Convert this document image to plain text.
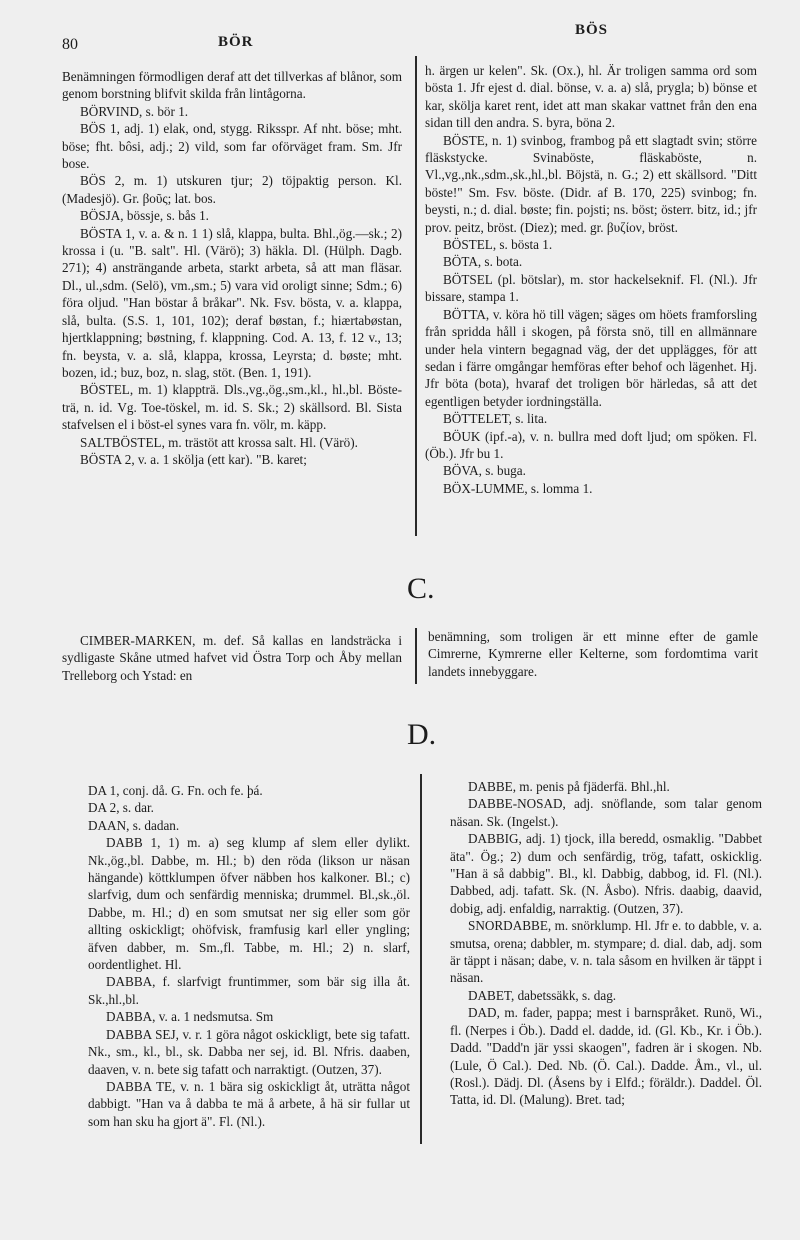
80	BÖR
BÖS

Benämningen förmodligen deraf att det tillverkas af blånor, som genom borstning blifvit skilda från lintågorna.

BÖRVIND, s. bör 1.

BÖS 1, adj. 1) elak, ond, stygg. Riksspr. Af nht. böse; mht. böse; fht. bôsi, adj.; 2) vild, som far oförväget fram. Sm. Jfr bose.

BÖS 2, m. 1) utskuren tjur; 2) töjpaktig person. Kl. (Madesjö). Gr. βοῦς; lat. bos.

BÖSJA, bössje, s. bås 1.

BÖSTA 1, v. a. & n. 1 1) slå, klappa, bulta. Bhl.,ög.—sk.; 2) krossa i (u. "B. salt". Hl. (Värö); 3) häkla. Dl. (Hülph. Dagb. 271); 4) ansträngande arbeta, starkt arbeta, så att man fläsar. Dl., ul.,sdm. (Selö), vm.,sm.; 5) vara vid oroligt sinne; Sdm.; 6) föra oljud. "Han böstar å bråkar". Nk. Fsv. bösta, v. a. klappa, slå, bulta. (S.S. 1, 101, 102); deraf bøstan, f.; hiærtabøstan, hjertklappning; bøstning, f. klappning. Cod. A. 13, f. 12 v., 13; fn. beysta, v. a. slå, klappa, krossa, Leyrsta; d. bøste; mht. bozen, id.; buz, boz, n. slag, stöt. (Ben. 1, 191).

BÖSTEL, m. 1) klappträ. Dls.,vg.,ög.,sm.,kl., hl.,bl. Böste-trä, n. id. Vg. Toe-töskel, m. id. S. Sk.; 2) skällsord. Bl. Sista stafvelsen el i böst-el synes vara fn. völr, m. käpp.

SALTBÖSTEL, m. trästöt att krossa salt. Hl. (Värö).

BÖSTA 2, v. a. 1 skölja (ett kar). "B. karet;

h. ärgen ur kelen". Sk. (Ox.), hl. Är troligen samma ord som bösta 1. Jfr ejest d. dial. bönse, v. a. a) slå, prygla; b) bönse et kar, skölja karet rent, idet att man skakar vattnet från den ena sidan till den andra. S. byra, böna 2.

BÖSTE, n. 1) svinbog, frambog på ett slagtadt svin; större fläskstycke. Svinaböste, fläskaböste, n. Vl.,vg.,nk.,sdm.,sk.,hl.,bl. Böjstä, n. G.; 2) ett skällsord. "Ditt böste!" Sm. Fsv. böste. (Didr. af B. 170, 225) svinbog; fn. beysti, n.; d. dial. bøste; fin. pojsti; ns. böst; österr. bitz, id.; jfr prov. peitz, bröst. (Diez); med. gr. βυζίον, bröst.

BÖSTEL, s. bösta 1.

BÖTA, s. bota.

BÖTSEL (pl. bötslar), m. stor hackelseknif. Fl. (Nl.). Jfr bissare, stampa 1.

BÖTTA, v. köra hö till vägen; säges om höets framforsling från spridda håll i skogen, på första snö, till en allmännare under hela vintern begagnad väg, der det upplägges, för att sedan i färre omgångar hemföras efter behof och lägenhet. Hj. Jfr böta (bota), hvaraf det troligen bör härledas, så att det egentligen betyder iordningställa.

BÖTTELET, s. lita.

BÖUK (ipf.-a), v. n. bullra med doft ljud; om spöken. Fl. (Öb.). Jfr bu 1.

BÖVA, s. buga.

BÖX-LUMME, s. lomma 1.

C.

CIMBER-MARKEN, m. def. Så kallas en landsträcka i sydligaste Skåne utmed hafvet vid Östra Torp och Åby mellan Trelleborg och Ystad: en

benämning, som troligen är ett minne efter de gamle Cimrerne, Kymrerne eller Kelterne, som fordomtima varit landets innebyggare.

D.

DA 1, conj. då. G. Fn. och fe. þá.

DA 2, s. dar.

DAAN, s. dadan.

DABB 1, 1) m. a) seg klump af slem eller dylikt. Nk.,ög.,bl. Dabbe, m. Hl.; b) den röda (likson ur näsan hängande) köttklumpen öfver näbben hos kalkoner. Bl.; c) slarfvig, dum och senfärdig menniska; drummel. Bl.,sk.,öl. Dabbe, m. Hl.; d) en som smutsat ner sig eller som gör allting oskickligt; ohöfvisk, framfusig karl eller yngling; äfven dabber, m. Sm.,fl. Tabbe, m. Hl.; 2) n. slarf, oordentlighet. Hl.

DABBA, f. slarfvigt fruntimmer, som bär sig illa åt. Sk.,hl.,bl.

DABBA, v. a. 1 nedsmutsa. Sm

DABBA SEJ, v. r. 1 göra något oskickligt, bete sig tafatt. Nk., sm., kl., bl., sk. Dabba ner sej, id. Bl. Nfris. daaben, daaven, v. n. bete sig tafatt och narraktigt. (Outzen, 37).

DABBA TE, v. n. 1 bära sig oskickligt åt, uträtta något dabbigt. "Han va å dabba te mä å arbete, å hä sir fullar ut som han sku ha gjort ä". Fl. (Nl.).

DABBE, m. penis på fjäderfä. Bhl.,hl.

DABBE-NOSAD, adj. snöflande, som talar genom näsan. Sk. (Ingelst.).

DABBIG, adj. 1) tjock, illa beredd, osmaklig. "Dabbet äta". Ög.; 2) dum och senfärdig, trög, tafatt, oskicklig. "Han ä så dabbig". Bl., kl. Dabbig, dabbog, id. Fl. (Nl.). Dabbed, adj. tafatt. Sk. (N. Åsbo). Nfris. daabig, daavid, dobig, adj. enfaldig, narraktig. (Outzen, 37).

SNORDABBE, m. snörklump. Hl. Jfr e. to dabble, v. a. smutsa, orena; dabbler, m. stympare; d. dial. dab, adj. som är täppt i näsan; dabe, v. n. tala såsom en hvilken är täppt i näsan.

DABET, dabetssäkk, s. dag.

DAD, m. fader, pappa; mest i barnspråket. Runö, Wi., fl. (Nerpes i Öb.). Dadd el. dadde, id. (Gl. Kb., Kr. i Öb.). Dadd. "Dadd'n jär yssi skaogen", fadren är i skogen. Nb. (Lule, Ö Cal.). Ded. Nb. (Ö. Cal.). Dadde. Åm., vl., ul. (Rosl.). Dädj. Dl. (Åsens by i Elfd.; föräldr.). Daddel. Öl. Tatta, id. Dl. (Malung). Bret. tad;
